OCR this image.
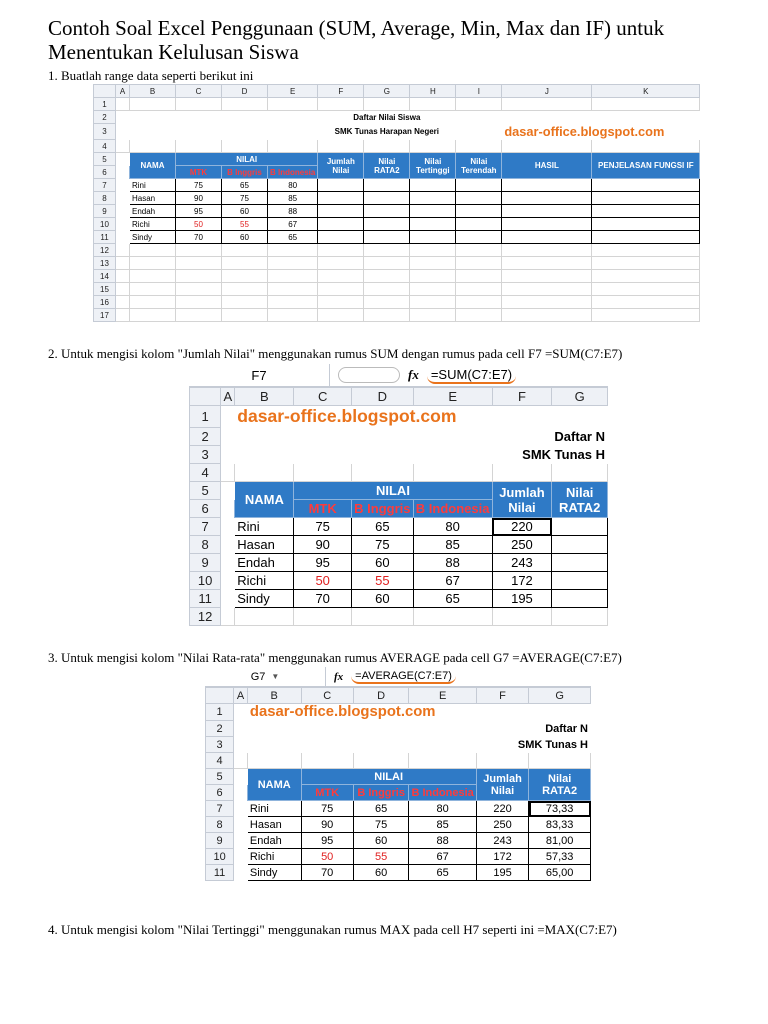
Contoh Soal Excel Penggunaan (SUM, Average, Min, Max dan IF) untuk Menentukan Kelulusan Siswa
1. Buatlah range data seperti berikut ini
	A	B	C	D	E	F	G	H	I	J	K
1											
2						Daftar Nilai Siswa					
3						SMK Tunas Harapan Negeri				dasar-office.blogspot.com	
4											
5		NAMA	NILAI			Jumlah Nilai	Nilai RATA2	Nilai Tertinggi	Nilai Terendah	HASIL	PENJELASAN FUNGSI IF
6			MTK	B Inggris	B Indonesia						
7		Rini	75	65	80						
8		Hasan	90	75	85						
9		Endah	95	60	88						
10		Richi	50	55	67						
11		Sindy	70	60	65						
12											
13											
14											
15											
16											
17											
2. Untuk mengisi kolom "Jumlah Nilai" menggunakan rumus SUM dengan rumus pada cell F7 =SUM(C7:E7)
F7	fx =SUM(C7:E7)
	A	B	C	D	E	F	G
1		dasar-office.blogspot.com					
2							Daftar N
3						SMK Tunas H	
4							
5		NAMA	NILAI			Jumlah Nilai	Nilai RATA2
6			MTK	B Inggris	B Indonesia		
7		Rini	75	65	80	220	
8		Hasan	90	75	85	250	
9		Endah	95	60	88	243	
10		Richi	50	55	67	172	
11		Sindy	70	60	65	195	
12							
3. Untuk mengisi kolom "Nilai Rata-rata" menggunakan rumus AVERAGE pada cell G7 =AVERAGE(C7:E7)
G7 ▼	fx	=AVERAGE(C7:E7)
	A	B	C	D	E	F	G
1		dasar-office.blogspot.com					
2							Daftar N
3						SMK Tunas H	
4							
5		NAMA	NILAI			Jumlah Nilai	Nilai RATA2
6			MTK	B Inggris	B Indonesia		
7		Rini	75	65	80	220	73,33
8		Hasan	90	75	85	250	83,33
9		Endah	95	60	88	243	81,00
10		Richi	50	55	67	172	57,33
11		Sindy	70	60	65	195	65,00
4. Untuk mengisi kolom "Nilai Tertinggi" menggunakan rumus MAX pada cell H7 seperti ini =MAX(C7:E7)
